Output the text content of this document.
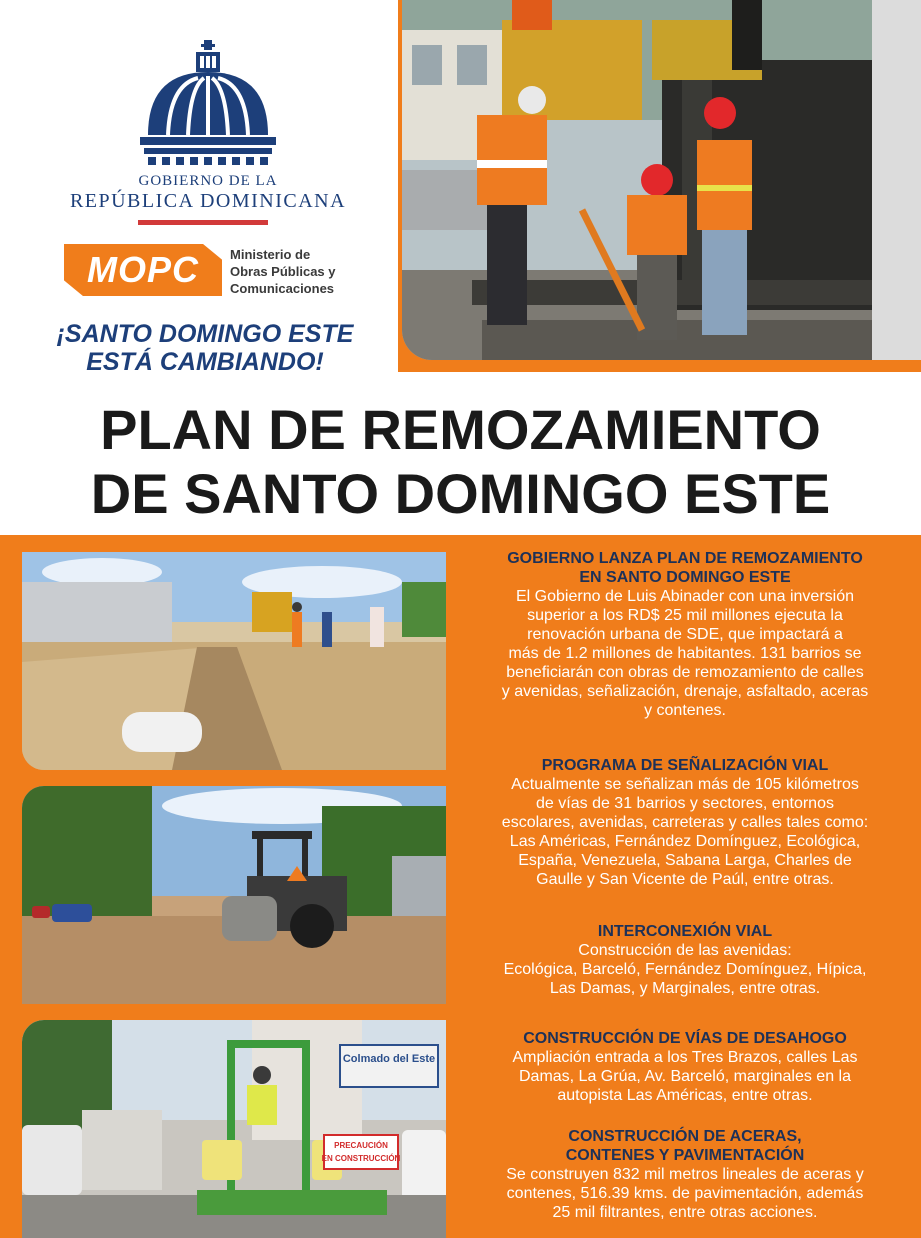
GOBIERNO DE LA
REPÚBLICA DOMINICANA
MOPC	Ministerio de
Obras Públicas y
Comunicaciones
¡SANTO DOMINGO ESTE
ESTÁ CAMBIANDO!
PLAN DE REMOZAMIENTO
DE SANTO DOMINGO ESTE
Colmado del Este
PRECAUCIÓN
EN CONSTRUCCIÓN
GOBIERNO LANZA PLAN DE REMOZAMIENTO
EN SANTO DOMINGO ESTE
El Gobierno de Luis Abinader con una inversión
superior a los RD$ 25 mil millones ejecuta la
renovación urbana de SDE, que impactará a
más de 1.2 millones de habitantes. 131 barrios se
beneficiarán con obras de remozamiento de calles
y avenidas, señalización, drenaje, asfaltado, aceras
y contenes.
PROGRAMA DE SEÑALIZACIÓN VIAL
Actualmente se señalizan más de 105 kilómetros
de vías de 31 barrios y sectores, entornos
escolares, avenidas, carreteras y calles tales como:
Las Américas, Fernández Domínguez, Ecológica,
España, Venezuela, Sabana Larga, Charles de
Gaulle y San Vicente de Paúl, entre otras.
INTERCONEXIÓN VIAL
Construcción de las avenidas:
Ecológica, Barceló, Fernández Domínguez, Hípica,
Las Damas, y Marginales, entre otras.
CONSTRUCCIÓN DE VÍAS DE DESAHOGO
Ampliación entrada a los Tres Brazos, calles Las
Damas, La Grúa, Av. Barceló, marginales en la
autopista Las Américas, entre otras.
CONSTRUCCIÓN DE ACERAS,
CONTENES Y PAVIMENTACIÓN
Se construyen 832 mil metros lineales de aceras y
contenes, 516.39 kms. de pavimentación, además
25 mil filtrantes, entre otras acciones.
